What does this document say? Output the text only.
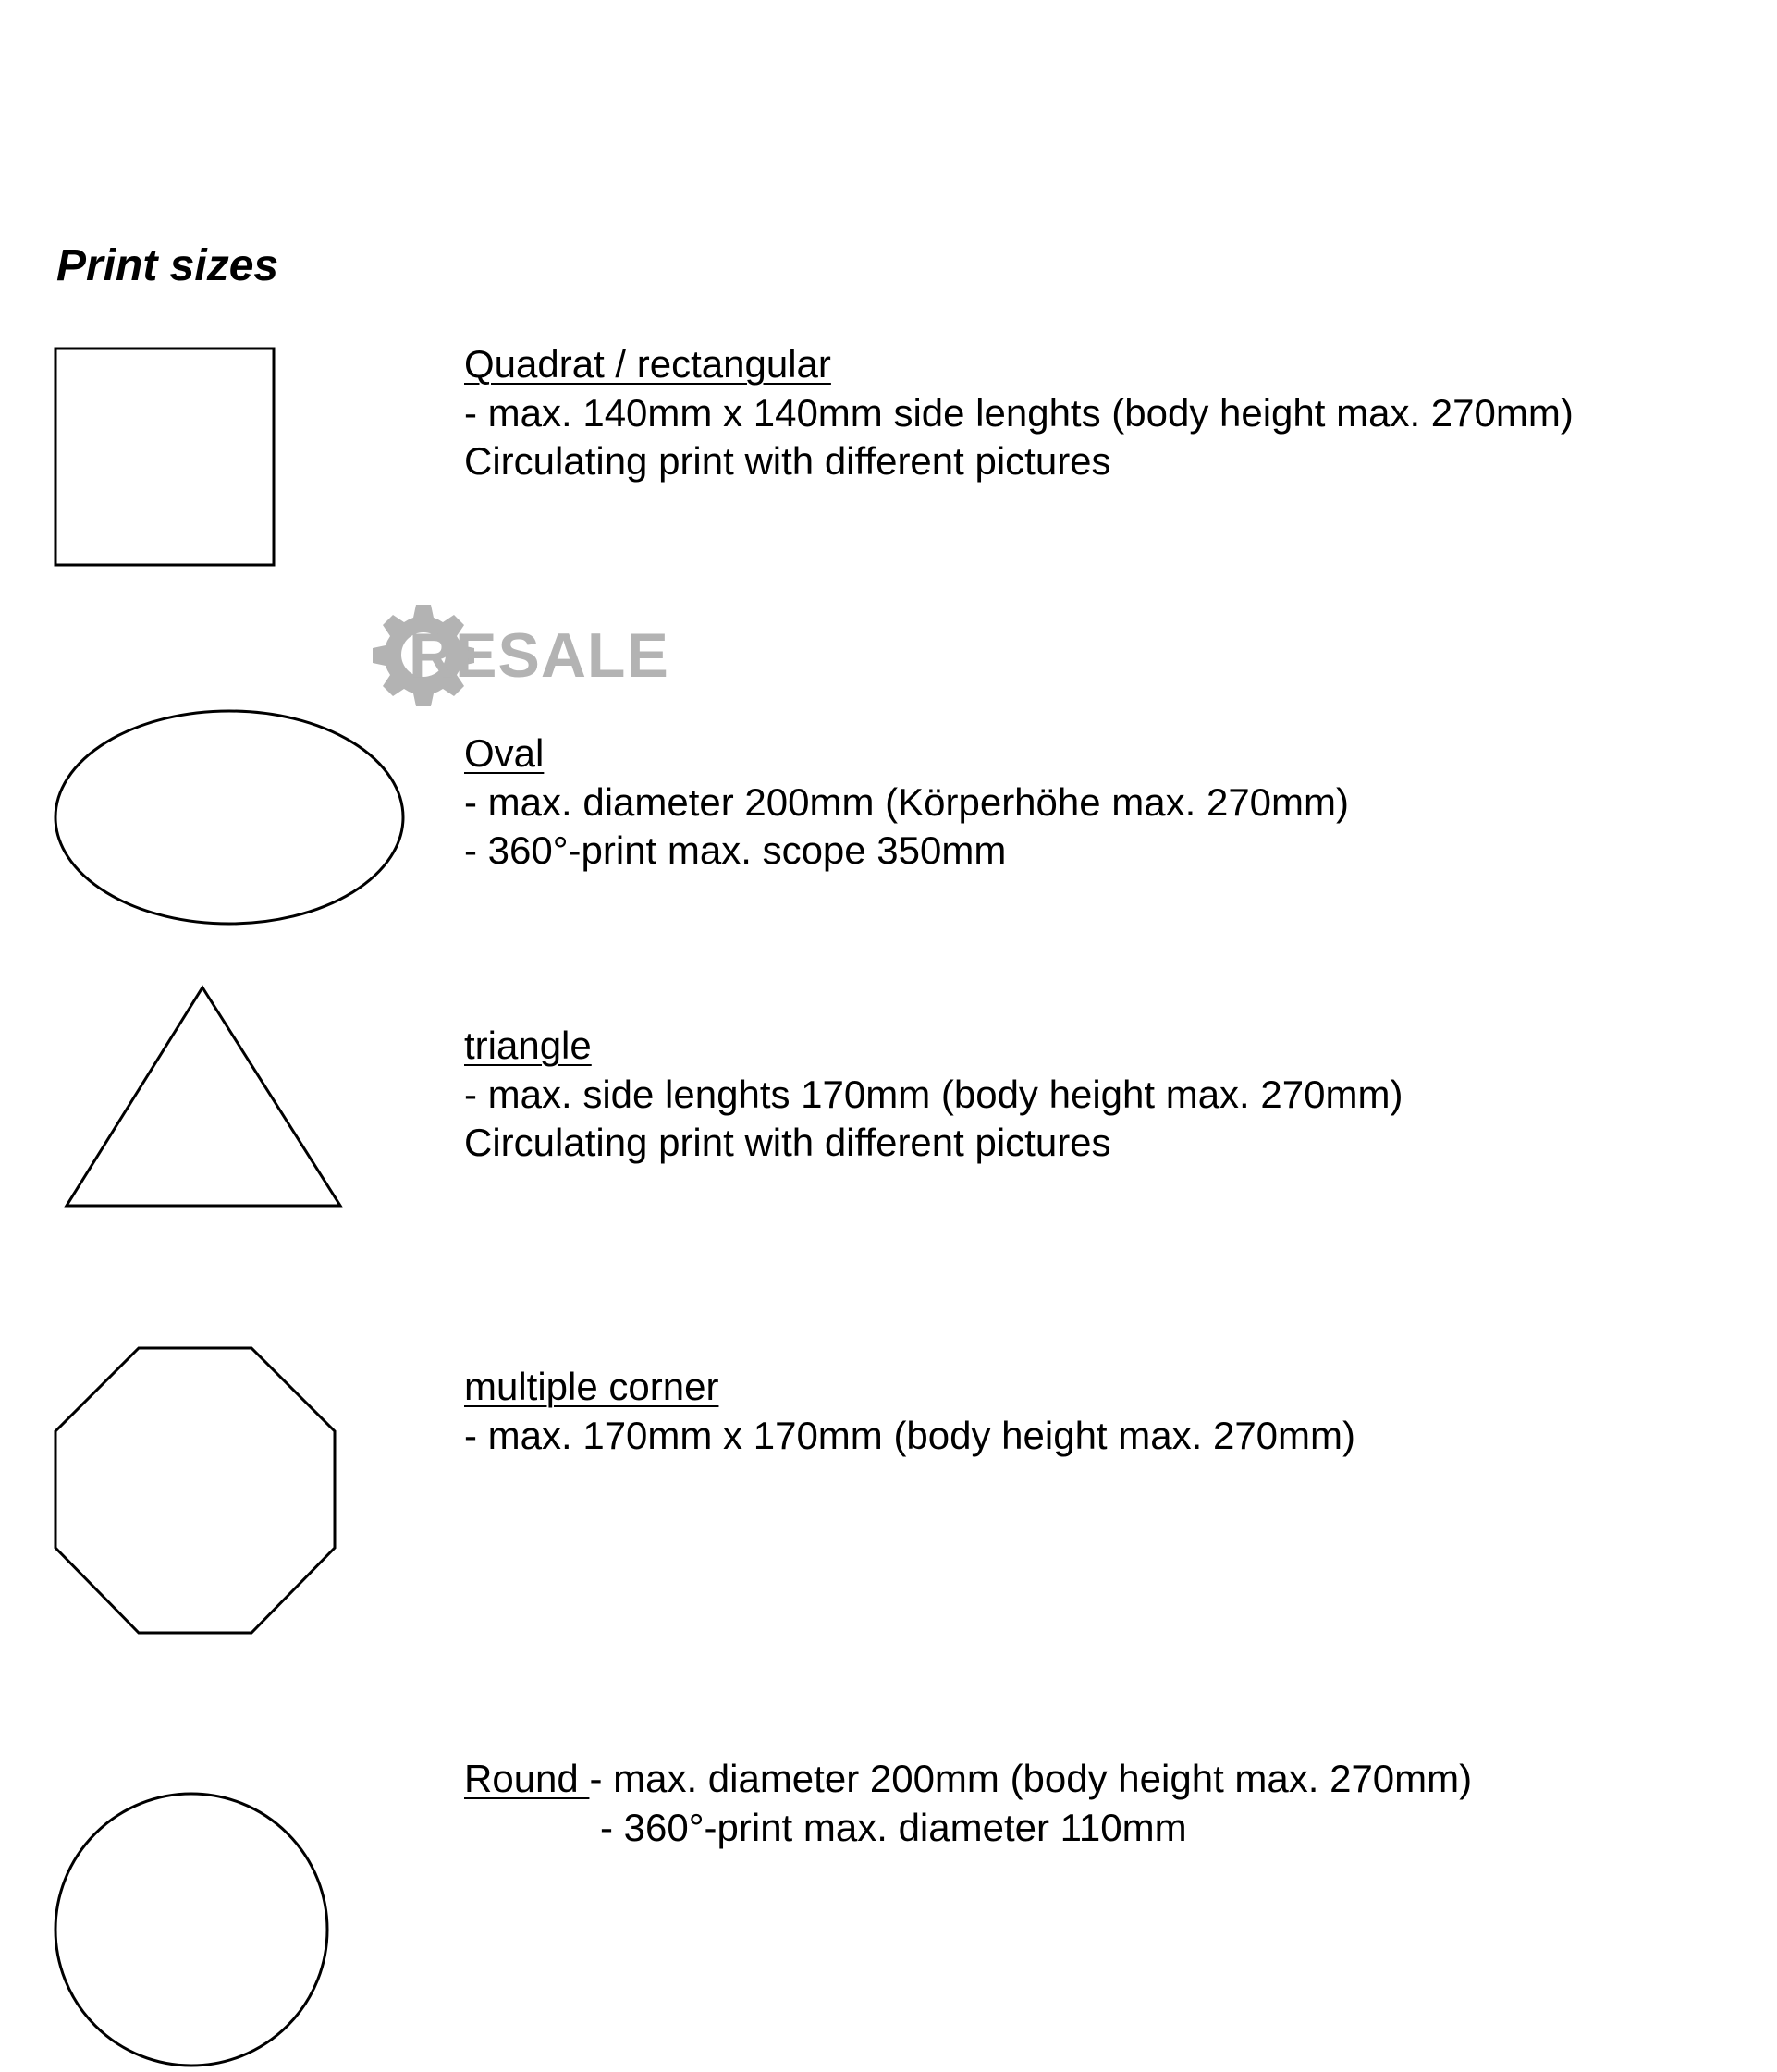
Print sizes
RESALE
Quadrat / rectangular
- max. 140mm x 140mm side lenghts (body height max. 270mm)
Circulating print with different pictures
Oval
- max. diameter 200mm (Körperhöhe max. 270mm)
- 360°-print max. scope 350mm
triangle
- max. side lenghts 170mm (body height max. 270mm)
Circulating print with different pictures
multiple corner
- max. 170mm x 170mm (body height max. 270mm)
Round - max. diameter 200mm (body height max. 270mm)
- 360°-print max. diameter 110mm
